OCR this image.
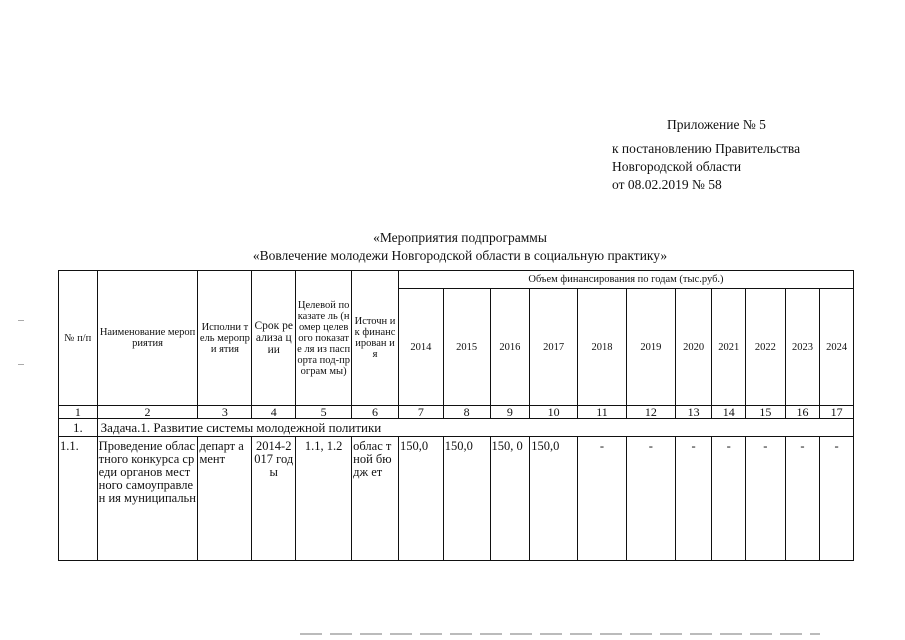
Приложение № 5
к постановлению Правительства
Новгородской области
от 08.02.2019 № 58
«Мероприятия подпрограммы
«Вовлечение молодежи Новгородской области в социальную практику»
№ п/п	Наименование мероприятия	Исполни тель меропри ятия	Срок реализа ции	Целевой показате ль (номер целевого показате ля из паспорта под-програм мы)	Источн ик финанс ирован ия	Объем финансирования по годам (тыс.руб.)										
						2014	2015	2016	2017	2018	2019	2020	2021	2022	2023	2024
1	2	3	4	5	6	7	8	9	10	11	12	13	14	15	16	17
1.	Задача.1. Развитие системы молодежной политики															
1.1.	Проведение областного конкурса среди органов местного самоуправлен ия муниципальн	департ амент	2014-2017 годы	1.1, 1.2	облас тной бюдж ет	150,0	150,0	150, 0	150,0	-	-	-	-	-	-	-
